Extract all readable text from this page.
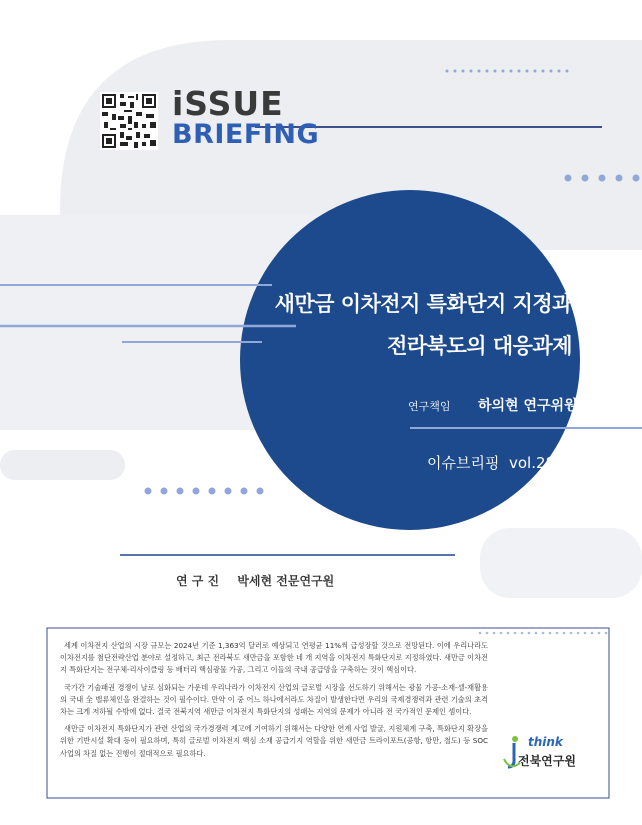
iSSUE
BRIEFING
새만금 이차전지 특화단지 지정과
전라북도의 대응과제
연구책임 하의현 연구위원
이슈브리핑 vol.287
연 구 진 박세현 전문연구원

세계 이차전지 산업의 시장 규모는 2024년 기준 1,363억 달러로 예상되고 연평균 11%씩 급성장할 것으로 전망된다. 이에 우리나라도 이차전지를 첨단전략산업 분야로 설정하고, 최근 전라북도 새만금을 포함한 네 개 지역을 이차전지 특화단지로 지정하였다. 새만금 이차전지 특화단지는 전구체-리사이클링 등 배터리 핵심광물 가공, 그리고 이들의 국내 공급망을 구축하는 것이 핵심이다.

국가간 기술패권 경쟁이 날로 심화되는 가운데 우리나라가 이차전지 산업의 글로벌 시장을 선도하기 위해서는 광물 가공-소재-셀-재활용의 국내 全 밸류체인을 완결하는 것이 필수이다. 만약 이 중 어느 하나에서라도 차질이 발생한다면 우리의 국제경쟁력과 관련 기술의 초격차는 크게 저하될 수밖에 없다. 결국 전북지역 새만금 이차전지 특화단지의 성패는 지역의 문제가 아니라 전 국가적인 문제인 셈이다.

새만금 이차전지 특화단지가 관련 산업의 국가경쟁력 제고에 기여하기 위해서는 다양한 연계 사업 발굴, 지원체계 구축, 특화단지 확장을 위한 기반시설 확대 등이 필요하며, 특히 글로벌 이차전지 핵심 소재 공급기지 역할을 위한 새만금 트라이포트(공항, 항만, 철도) 등 SOC 사업의 차질 없는 진행이 절대적으로 필요하다.

think
전북연구원
